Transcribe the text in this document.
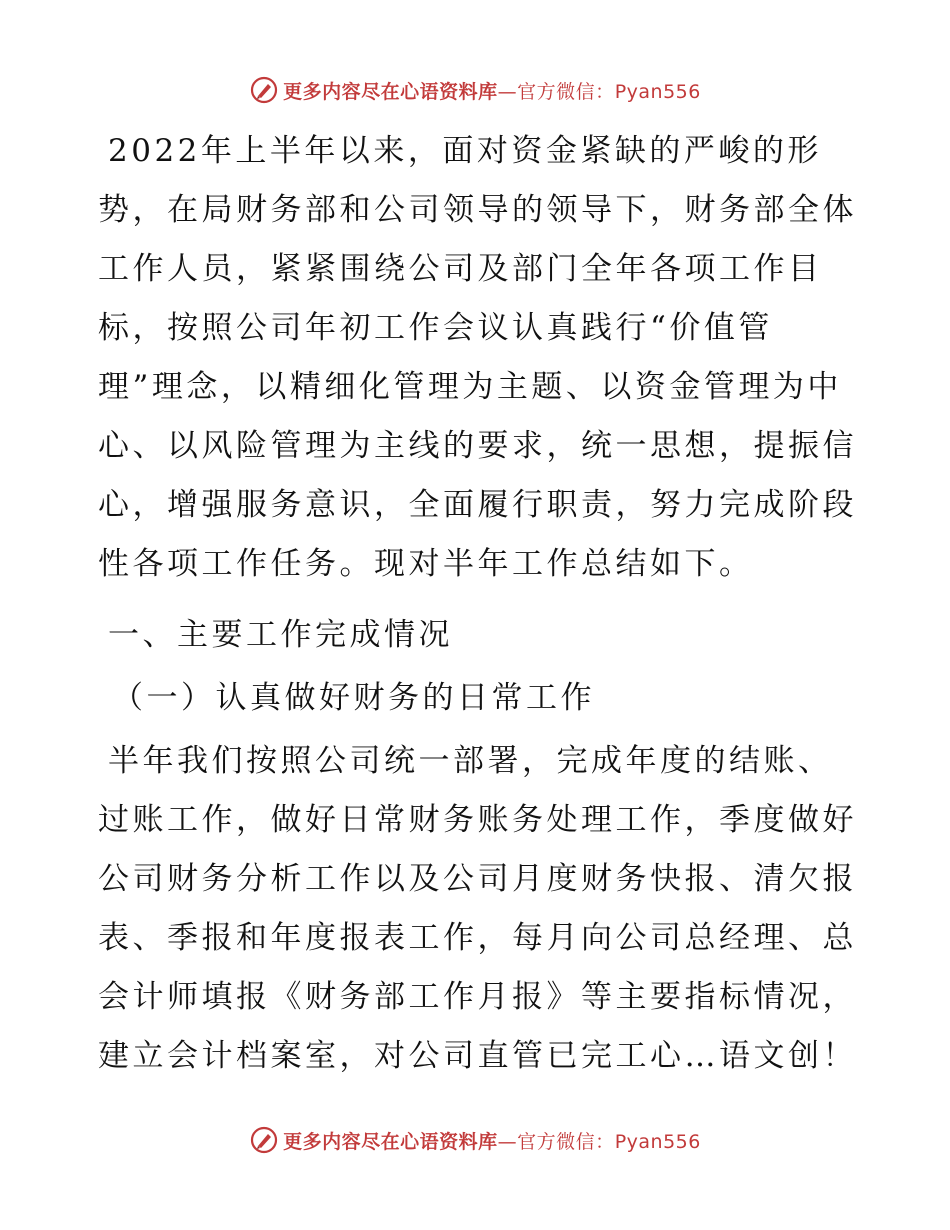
更多内容尽在心语资料库—官方微信：Pyan556

2022年上半年以来，面对资金紧缺的严峻的形势，在局财务部和公司领导的领导下，财务部全体工作人员，紧紧围绕公司及部门全年各项工作目标，按照公司年初工作会议认真践行“价值管理”理念，以精细化管理为主题、以资金管理为中心、以风险管理为主线的要求，统一思想，提振信心，增强服务意识，全面履行职责，努力完成阶段性各项工作任务。现对半年工作总结如下。

一、主要工作完成情况

（一）认真做好财务的日常工作

半年我们按照公司统一部署，完成年度的结账、过账工作，做好日常财务账务处理工作，季度做好公司财务分析工作以及公司月度财务快报、清欠报表、季报和年度报表工作，每月向公司总经理、总会计师填报《财务部工作月报》等主要指标情况，建立会计档案室，对公司直管已完工心…语文创！

更多内容尽在心语资料库—官方微信：Pyan556
